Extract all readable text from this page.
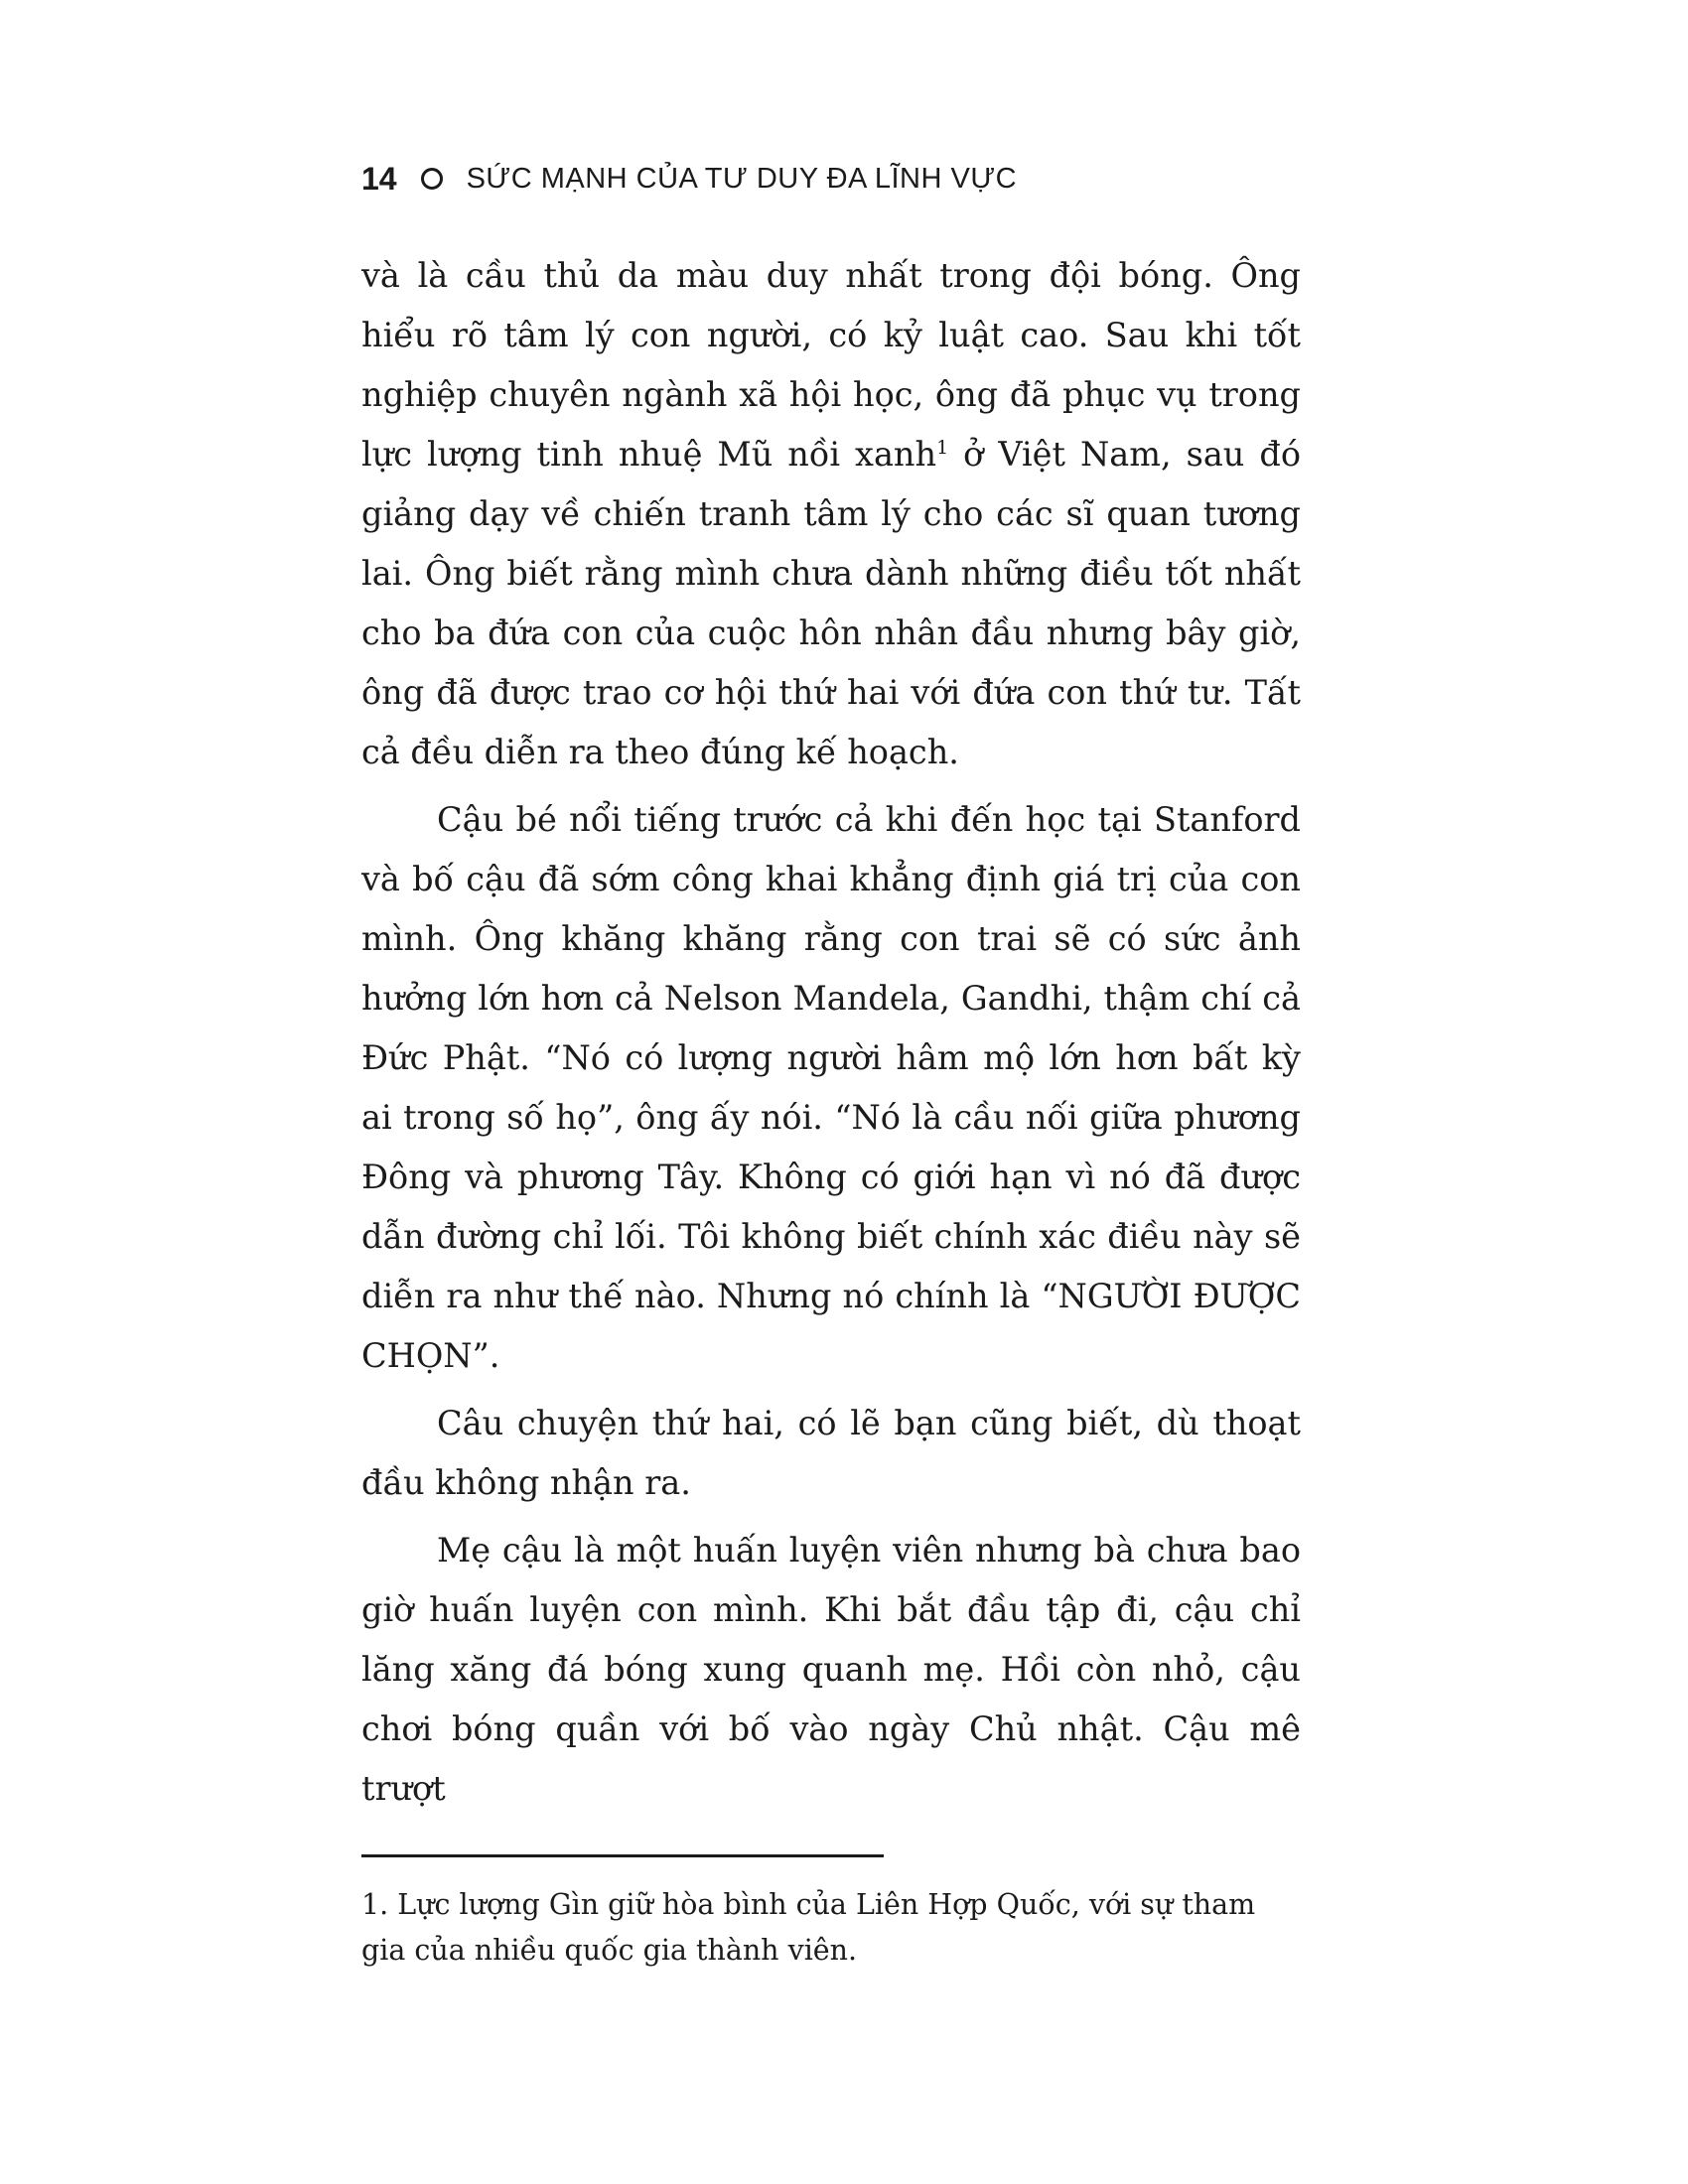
14 SỨC MẠNH CỦA TƯ DUY ĐA LĨNH VỰC

và là cầu thủ da màu duy nhất trong đội bóng. Ông hiểu rõ tâm lý con người, có kỷ luật cao. Sau khi tốt nghiệp chuyên ngành xã hội học, ông đã phục vụ trong lực lượng tinh nhuệ Mũ nồi xanh$^1$ ở Việt Nam, sau đó giảng dạy về chiến tranh tâm lý cho các sĩ quan tương lai. Ông biết rằng mình chưa dành những điều tốt nhất cho ba đứa con của cuộc hôn nhân đầu nhưng bây giờ, ông đã được trao cơ hội thứ hai với đứa con thứ tư. Tất cả đều diễn ra theo đúng kế hoạch.

Cậu bé nổi tiếng trước cả khi đến học tại Stanford và bố cậu đã sớm công khai khẳng định giá trị của con mình. Ông khăng khăng rằng con trai sẽ có sức ảnh hưởng lớn hơn cả Nelson Mandela, Gandhi, thậm chí cả Đức Phật. “Nó có lượng người hâm mộ lớn hơn bất kỳ ai trong số họ”, ông ấy nói. “Nó là cầu nối giữa phương Đông và phương Tây. Không có giới hạn vì nó đã được dẫn đường chỉ lối. Tôi không biết chính xác điều này sẽ diễn ra như thế nào. Nhưng nó chính là “NGƯỜI ĐƯỢC CHỌN”.

Câu chuyện thứ hai, có lẽ bạn cũng biết, dù thoạt đầu không nhận ra.

Mẹ cậu là một huấn luyện viên nhưng bà chưa bao giờ huấn luyện con mình. Khi bắt đầu tập đi, cậu chỉ lăng xăng đá bóng xung quanh mẹ. Hồi còn nhỏ, cậu chơi bóng quần với bố vào ngày Chủ nhật. Cậu mê trượt

1. Lực lượng Gìn giữ hòa bình của Liên Hợp Quốc, với sự tham gia của nhiều quốc gia thành viên.
